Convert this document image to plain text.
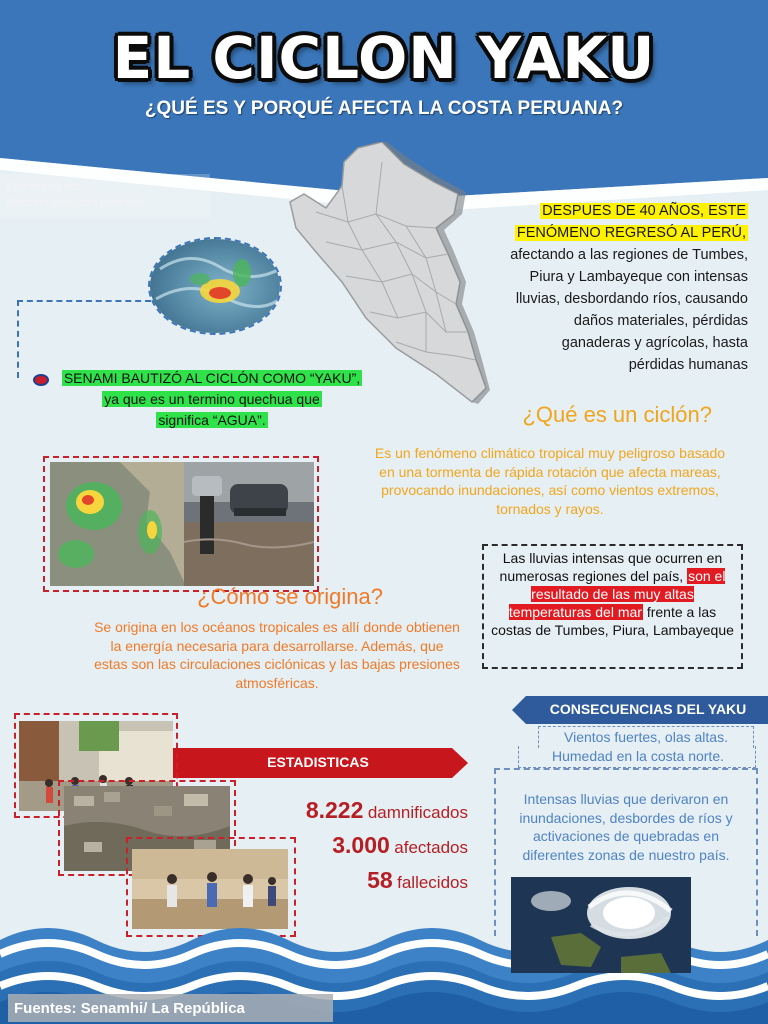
EL CICLON YAKU
¿QUÉ ES Y PORQUÉ AFECTA LA COSTA PERUANA?
Elaborado por:
Marcelo Delgado Ramírez
DESPUES DE 40 AÑOS, ESTE
FENÓMENO REGRESÓ AL PERÚ,
afectando a las regiones de Tumbes,
Piura y Lambayeque con intensas
lluvias, desbordando ríos, causando
daños materiales, pérdidas
ganaderas y agrícolas, hasta
pérdidas humanas
SENAMI BAUTIZÓ AL CICLÓN COMO “YAKU”,
ya que es un termino quechua que
significa “AGUA”.	¿Qué es un ciclón?
Es un fenómeno climático tropical muy peligroso basado en una tormenta de rápida rotación que afecta mareas, provocando inundaciones, así como vientos extremos, tornados y rayos.
Las lluvias intensas que ocurren en numerosas regiones del país, son el resultado de las muy altas temperaturas del mar frente a las costas de Tumbes, Piura, Lambayeque
¿Cómo se origina?
Se origina en los océanos tropicales es allí donde obtienen la energía necesaria para desarrollarse. Además, que estas son las circulaciones ciclónicas y las bajas presiones atmosféricas.
CONSECUENCIAS DEL YAKU
Vientos fuertes, olas altas.
Humedad en la costa norte.
Intensas lluvias que derivaron en inundaciones, desbordes de ríos y activaciones de quebradas en diferentes zonas de nuestro país.
ESTADISTICAS
8.222 damnificados
3.000 afectados
58 fallecidos
Fuentes: Senamhi/ La República
